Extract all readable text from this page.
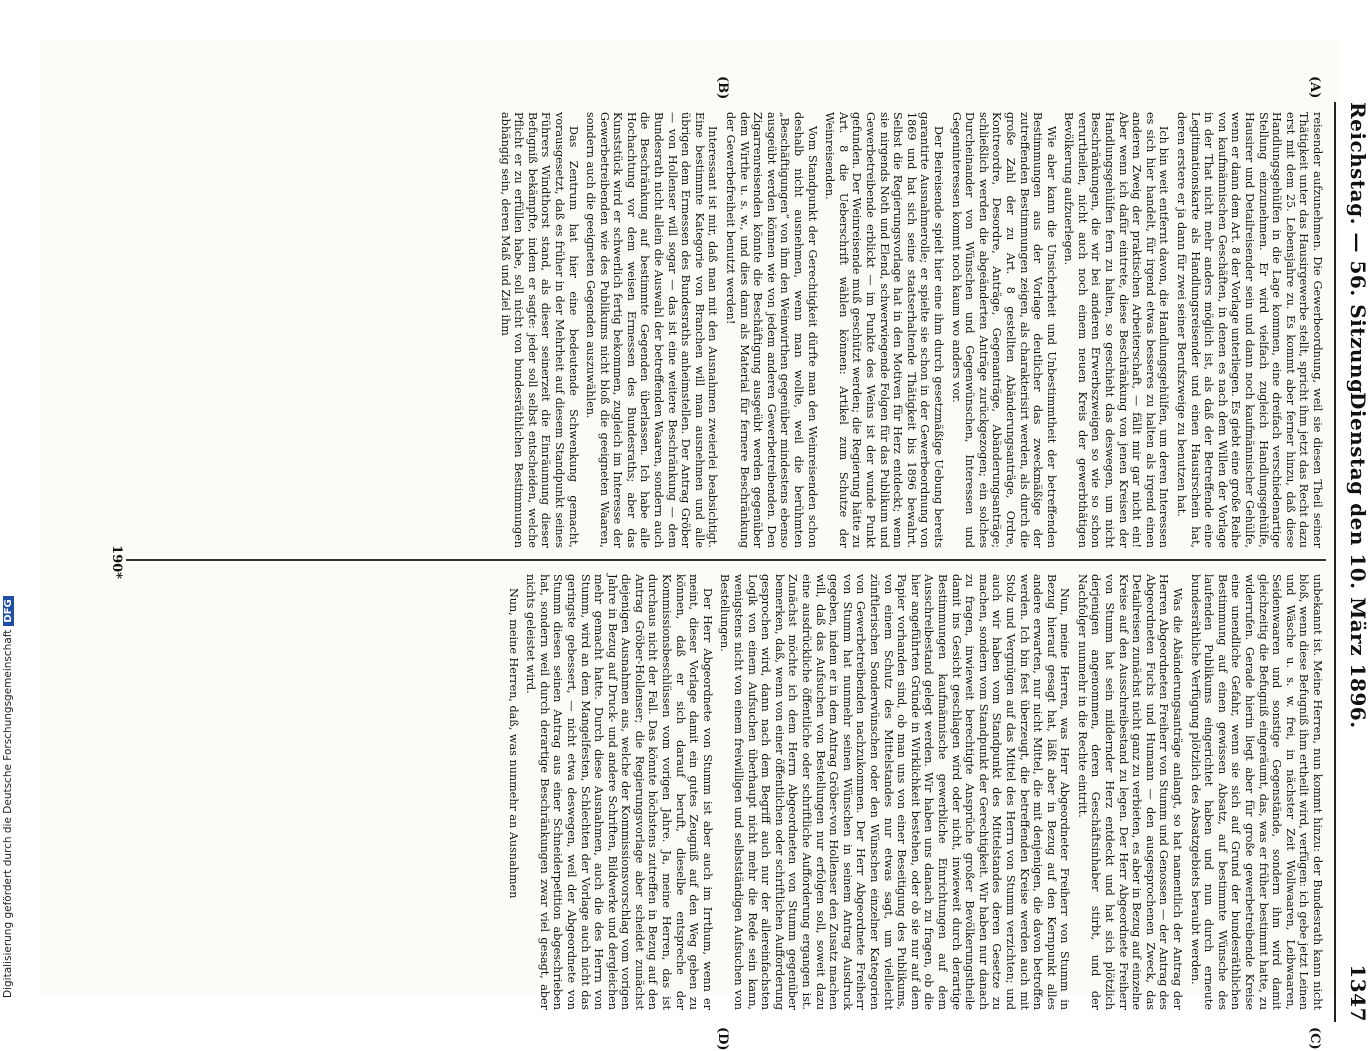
Reichstag. — 56. Sitzung.
Dienstag den 10. März 1896.
1347
(A)
(B)
(C)
(D)

reisender aufzunehmen. Die Gewerbeordnung, weil sie diesen Theil seiner Thätigkeit unter das Hausirgewerbe stellt, spricht ihm jetzt das Recht dazu erst mit dem 25. Lebensjahre zu. Es kommt aber ferner hinzu, daß diese Handlungsgehülfen in die Lage kommen, eine dreifach verschiedenartige Stellung einzunehmen. Er wird vielfach zugleich Handlungsgehülfe, Hausirer und Detailreisender sein und dann noch kaufmännischer Gehülfe, wenn er dann dem Art. 8 der Vorlage unterliegen. Es giebt eine große Reihe von kaufmännischen Geschäften, in denen es nach dem Willen der Vorlage in der That nicht mehr anders möglich ist, als daß der Betreffende eine Legitimationskarte als Handlungsreisender und einen Hausirschein hat, deren erstere er ja dann für zwei seiner Berufszweige zu benutzen hat.

Ich bin weit entfernt davon, die Handlungsgehülfen, um deren Interessen es sich hier handelt, für irgend etwas besseres zu halten als irgend einen anderen Zweig der praktischen Arbeiterschaft, — fällt mir gar nicht ein! Aber wenn ich dafür eintrete, diese Beschränkung von jenen Kreisen der Handlungsgehülfen fern zu halten, so geschieht das deswegen, um nicht Beschränkungen, die wir bei anderen Erwerbszweigen so wie so schon verurtheilen, nicht auch noch einem neuen Kreis der gewerbthätigen Bevölkerung aufzuerlegen.

Wie aber kann die Unsicherheit und Unbestimmtheit der betreffenden Bestimmungen aus der Vorlage deutlicher das zweckmäßige der zutreffenden Bestimmungen zeigen, als charakterisirt werden, als durch die große Zahl der zu Art. 8 gestellten Abänderungsanträge, Ordre, Kontreordre, Desordre, Anträge, Gegenanträge, Abänderungsanträge; schließlich werden die abgeänderten Anträge zurückgezogen; ein solches Durcheinander von Wünschen und Gegenwünschen, Interessen und Gegeninteressen kommt noch kaum wo anders vor.

Der Beireisende spielt hier eine ihm durch gesetzmäßige Uebung bereits garantirte Ausnahmerolle; er spielte sie schon in der Gewerbeordnung von 1869 und hat sich seine staatserhaltende Thätigkeit bis 1896 bewahrt. Selbst die Regierungsvorlage hat in den Motiven für Herz entdeckt; wenn sie nirgends Noth und Elend, schwerwiegende Folgen für das Publikum und Gewerbetreibende erblickt — im Punkte des Weins ist der wunde Punkt gefunden. Der Weinreisende muß geschützt werden; die Regierung hätte zu Art. 8 die Ueberschrift wählen können: Artikel zum Schutze der Weinreisenden.

Vom Standpunkt der Gerechtigkeit dürfte man den Weinreisenden schon deshalb nicht ausnehmen, wenn man wollte, weil die berühmten „Beschäftigungen“ von ihm den Weinwirthen gegenüber mindestens ebenso ausgeübt werden können wie von jedem anderen Gewerbetreibenden. Den Zigarrenreisenden könnte die Beschäftigung ausgeübt werden gegenüber dem Wirthe u. s. w., und dies dann als Material für fernere Beschränkung der Gewerbefreiheit benutzt werden!

Interessant ist mir, daß man mit den Ausnahmen zweierlei beabsichtigt. Eine bestimmte Kategorie von Branchen will man ausnehmen und alle übrigen dem Ermessen des Bundesraths anheimstellen. Der Antrag Gröber — von Hollenser will sogar — das ist eine weitere Beschränkung — dem Bundesrath nicht allein die Auswahl der betreffenden Waaren, sondern auch die Beschränkung auf bestimmte Gegenden überlassen. Ich habe alle Hochachtung vor dem weisen Ermessen des Bundesraths; aber das Kunststück wird er schwerlich fertig bekommen, zugleich im Interesse der Gewerbetreibenden wie des Publikums nicht bloß die geeigneten Waaren, sondern auch die geeigneten Gegenden auszuwählen.

Das Zentrum hat hier eine bedeutende Schwenkung gemacht, vorausgesetzt, daß es früher in der Mehrheit auf diesem Standpunkt seines Führers Windthorst stand, als dieser seinerzeit die Einräumung dieser Befugniß bekämpfte, indem er sagte: jeder soll selbst entscheiden, welche Pflicht er zu erfüllen habe, soll nicht von bundesräthlichen Bestimmungen abhängig sein, deren Maß und Ziel ihm

unbekannt ist. Meine Herren, nun kommt hinzu: der Bundesrath kann nicht bloß, wenn diese Befugniß ihm ertheilt wird, verfügen: ich gebe jetzt Leinen und Wäsche u. s. w. frei, in nächster Zeit Wollwaaren, Leibwaaren, Seidenwaaren und sonstige Gegenstände, sondern ihm wird damit gleichzeitig die Befugniß eingeräumt, das, was er früher bestimmt hatte, zu widerrufen. Gerade hierin liegt aber für große gewerbetreibende Kreise eine unendliche Gefahr, wenn sie sich auf Grund der bundesräthlichen Bestimmung auf einen gewissen Absatz, auf bestimmte Wünsche des laufenden Publikums eingerichtet haben und nun durch erneute bundesräthliche Verfügung plötzlich des Absatzgebiets beraubt werden.

Was die Abänderungsanträge anlangt, so hat namentlich der Antrag der Herren Abgeordneten Freiherr von Stumm und Genossen — der Antrag des Abgeordneten Fuchs und Humann — den ausgesprochenen Zweck, das Detailreisen zunächst nicht ganz zu verbieten, es aber in Bezug auf einzelne Kreise auf den Ausschreibestand zu legen. Der Herr Abgeordnete Freiherr von Stumm hat sein mildernder Herz entdeckt und hat sich plötzlich derjenigen angenommen, deren Geschäftsinhaber stirbt, und der Nachfolger nunmehr in die Rechte eintritt.

Nun, meine Herren, was Herr Abgeordneter Freiherr von Stumm in Bezug hierauf gesagt hat, läßt aber in Bezug auf den Kernpunkt alles andere erwarten, nur nicht Mittel, die mit denjenigen, die davon betroffen werden. Ich bin fest überzeugt, die betreffenden Kreise werden auch mit Stolz und Vergnügen auf das Mittel des Herrn von Stumm verzichten; und auch wir haben vom Standpunkt des Mittelstandes deren Gesetze zu machen, sondern vom Standpunkt der Gerechtigkeit. Wir haben nur danach zu fragen, inwieweit berechtigte Ansprüche großer Bevölkerungstheile damit ins Gesicht geschlagen wird oder nicht, inwieweit durch derartige Bestimmungen kaufmännische gewerbliche Einrichtungen auf dem Ausschreibestand gelegt werden. Wir haben uns danach zu fragen, ob die hier angeführten Gründe in Wirklichkeit bestehen, oder ob sie nur auf dem Papier vorhanden sind, ob man uns von einer Beseitigung des Publikums, von einem Schutz des Mittelstandes nur etwas sagt, um vielleicht zünftlerischen Sonderwünschen oder den Wünschen einzelner Kategorien von Gewerbetreibenden nachzukommen. Der Herr Abgeordnete Freiherr von Stumm hat nunmehr seinen Wünschen in seinem Antrag Ausdruck gegeben, indem er in dem Antrag Gröber-von Hollenser den Zusatz machen will, daß das Aufsuchen von Bestellungen nur erfolgen soll, soweit dazu eine ausdrückliche öffentliche oder schriftliche Aufforderung ergangen ist. Zunächst möchte ich dem Herrn Abgeordneten von Stumm gegenüber bemerken, daß, wenn von einer öffentlichen oder schriftlichen Aufforderung gesprochen wird, dann nach dem Begriff auch nur der allereinfachsten Logik von einem Aufsuchen überhaupt nicht mehr die Rede sein kann, wenigstens nicht von einem freiwilligen und selbstständigen Aufsuchen von Bestellungen.

Der Herr Abgeordnete von Stumm ist aber auch im Irrthum, wenn er meint, dieser Vorlage damit ein gutes Zeugniß auf den Weg geben zu können, daß er sich darauf beruft, dieselbe entspreche der Kommissionsbeschlüssen vom vorigen Jahre. Ja, meine Herren, das ist durchaus nicht der Fall. Das könnte höchstens zutreffen in Bezug auf den Antrag Gröber-Hollenser; die Regierungsvorlage aber scheidet zunächst diejenigen Ausnahmen aus, welche der Kommissionsvorschlag vom vorigen Jahre in Bezug auf Druck- und andere Schriften, Bildwerke und dergleichen mehr gemacht hatte. Durch diese Ausnahmen, auch die des Herrn von Stumm, wird an dem Mangelfesten, Schlechten der Vorlage auch nicht das geringste gebessert, — nicht etwa deswegen, weil der Abgeordnete von Stumm diesen seinen Antrag aus einer Schneiderpetition abgeschrieben hat, sondern weil durch derartige Beschränkungen zwar viel gesagt, aber nichts geleistet wird.

Nun, meine Herren, daß, was nunmehr an Ausnahmen

190*
Digitalisierung gefördert durch die Deutsche ForschungsgemeinschaftDFG
